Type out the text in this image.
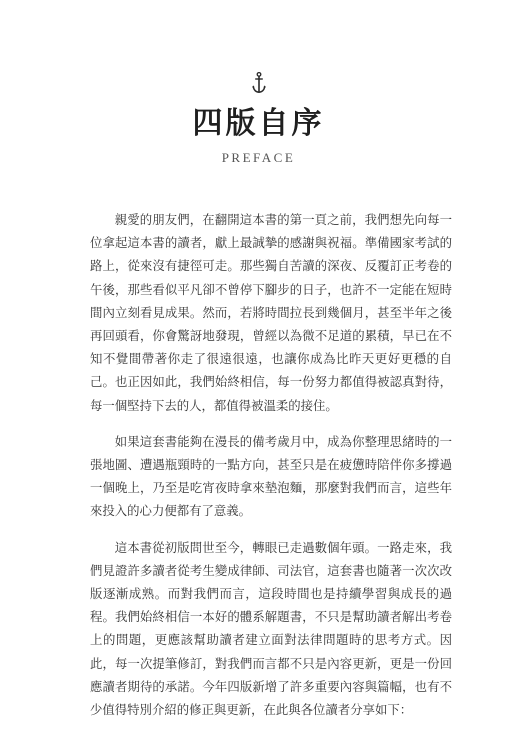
四版自序
PREFACE

親愛的朋友們，在翻開這本書的第一頁之前，我們想先向每一位拿起這本書的讀者，獻上最誠摯的感謝與祝福。準備國家考試的路上，從來沒有捷徑可走。那些獨自苦讀的深夜、反覆訂正考卷的午後，那些看似平凡卻不曾停下腳步的日子，也許不一定能在短時間內立刻看見成果。然而，若將時間拉長到幾個月，甚至半年之後再回頭看，你會驚訝地發現，曾經以為微不足道的累積，早已在不知不覺間帶著你走了很遠很遠，也讓你成為比昨天更好更穩的自己。也正因如此，我們始終相信，每一份努力都值得被認真對待，每一個堅持下去的人，都值得被溫柔的接住。

如果這套書能夠在漫長的備考歲月中，成為你整理思緒時的一張地圖、遭遇瓶頸時的一點方向，甚至只是在疲憊時陪伴你多撐過一個晚上，乃至是吃宵夜時拿來墊泡麵，那麼對我們而言，這些年來投入的心力便都有了意義。

這本書從初版問世至今，轉眼已走過數個年頭。一路走來，我們見證許多讀者從考生變成律師、司法官，這套書也隨著一次次改版逐漸成熟。而對我們而言，這段時間也是持續學習與成長的過程。我們始終相信一本好的體系解題書，不只是幫助讀者解出考卷上的問題，更應該幫助讀者建立面對法律問題時的思考方式。因此，每一次提筆修訂，對我們而言都不只是內容更新，更是一份回應讀者期待的承諾。今年四版新增了許多重要內容與篇幅，也有不少值得特別介紹的修正與更新，在此與各位讀者分享如下：
